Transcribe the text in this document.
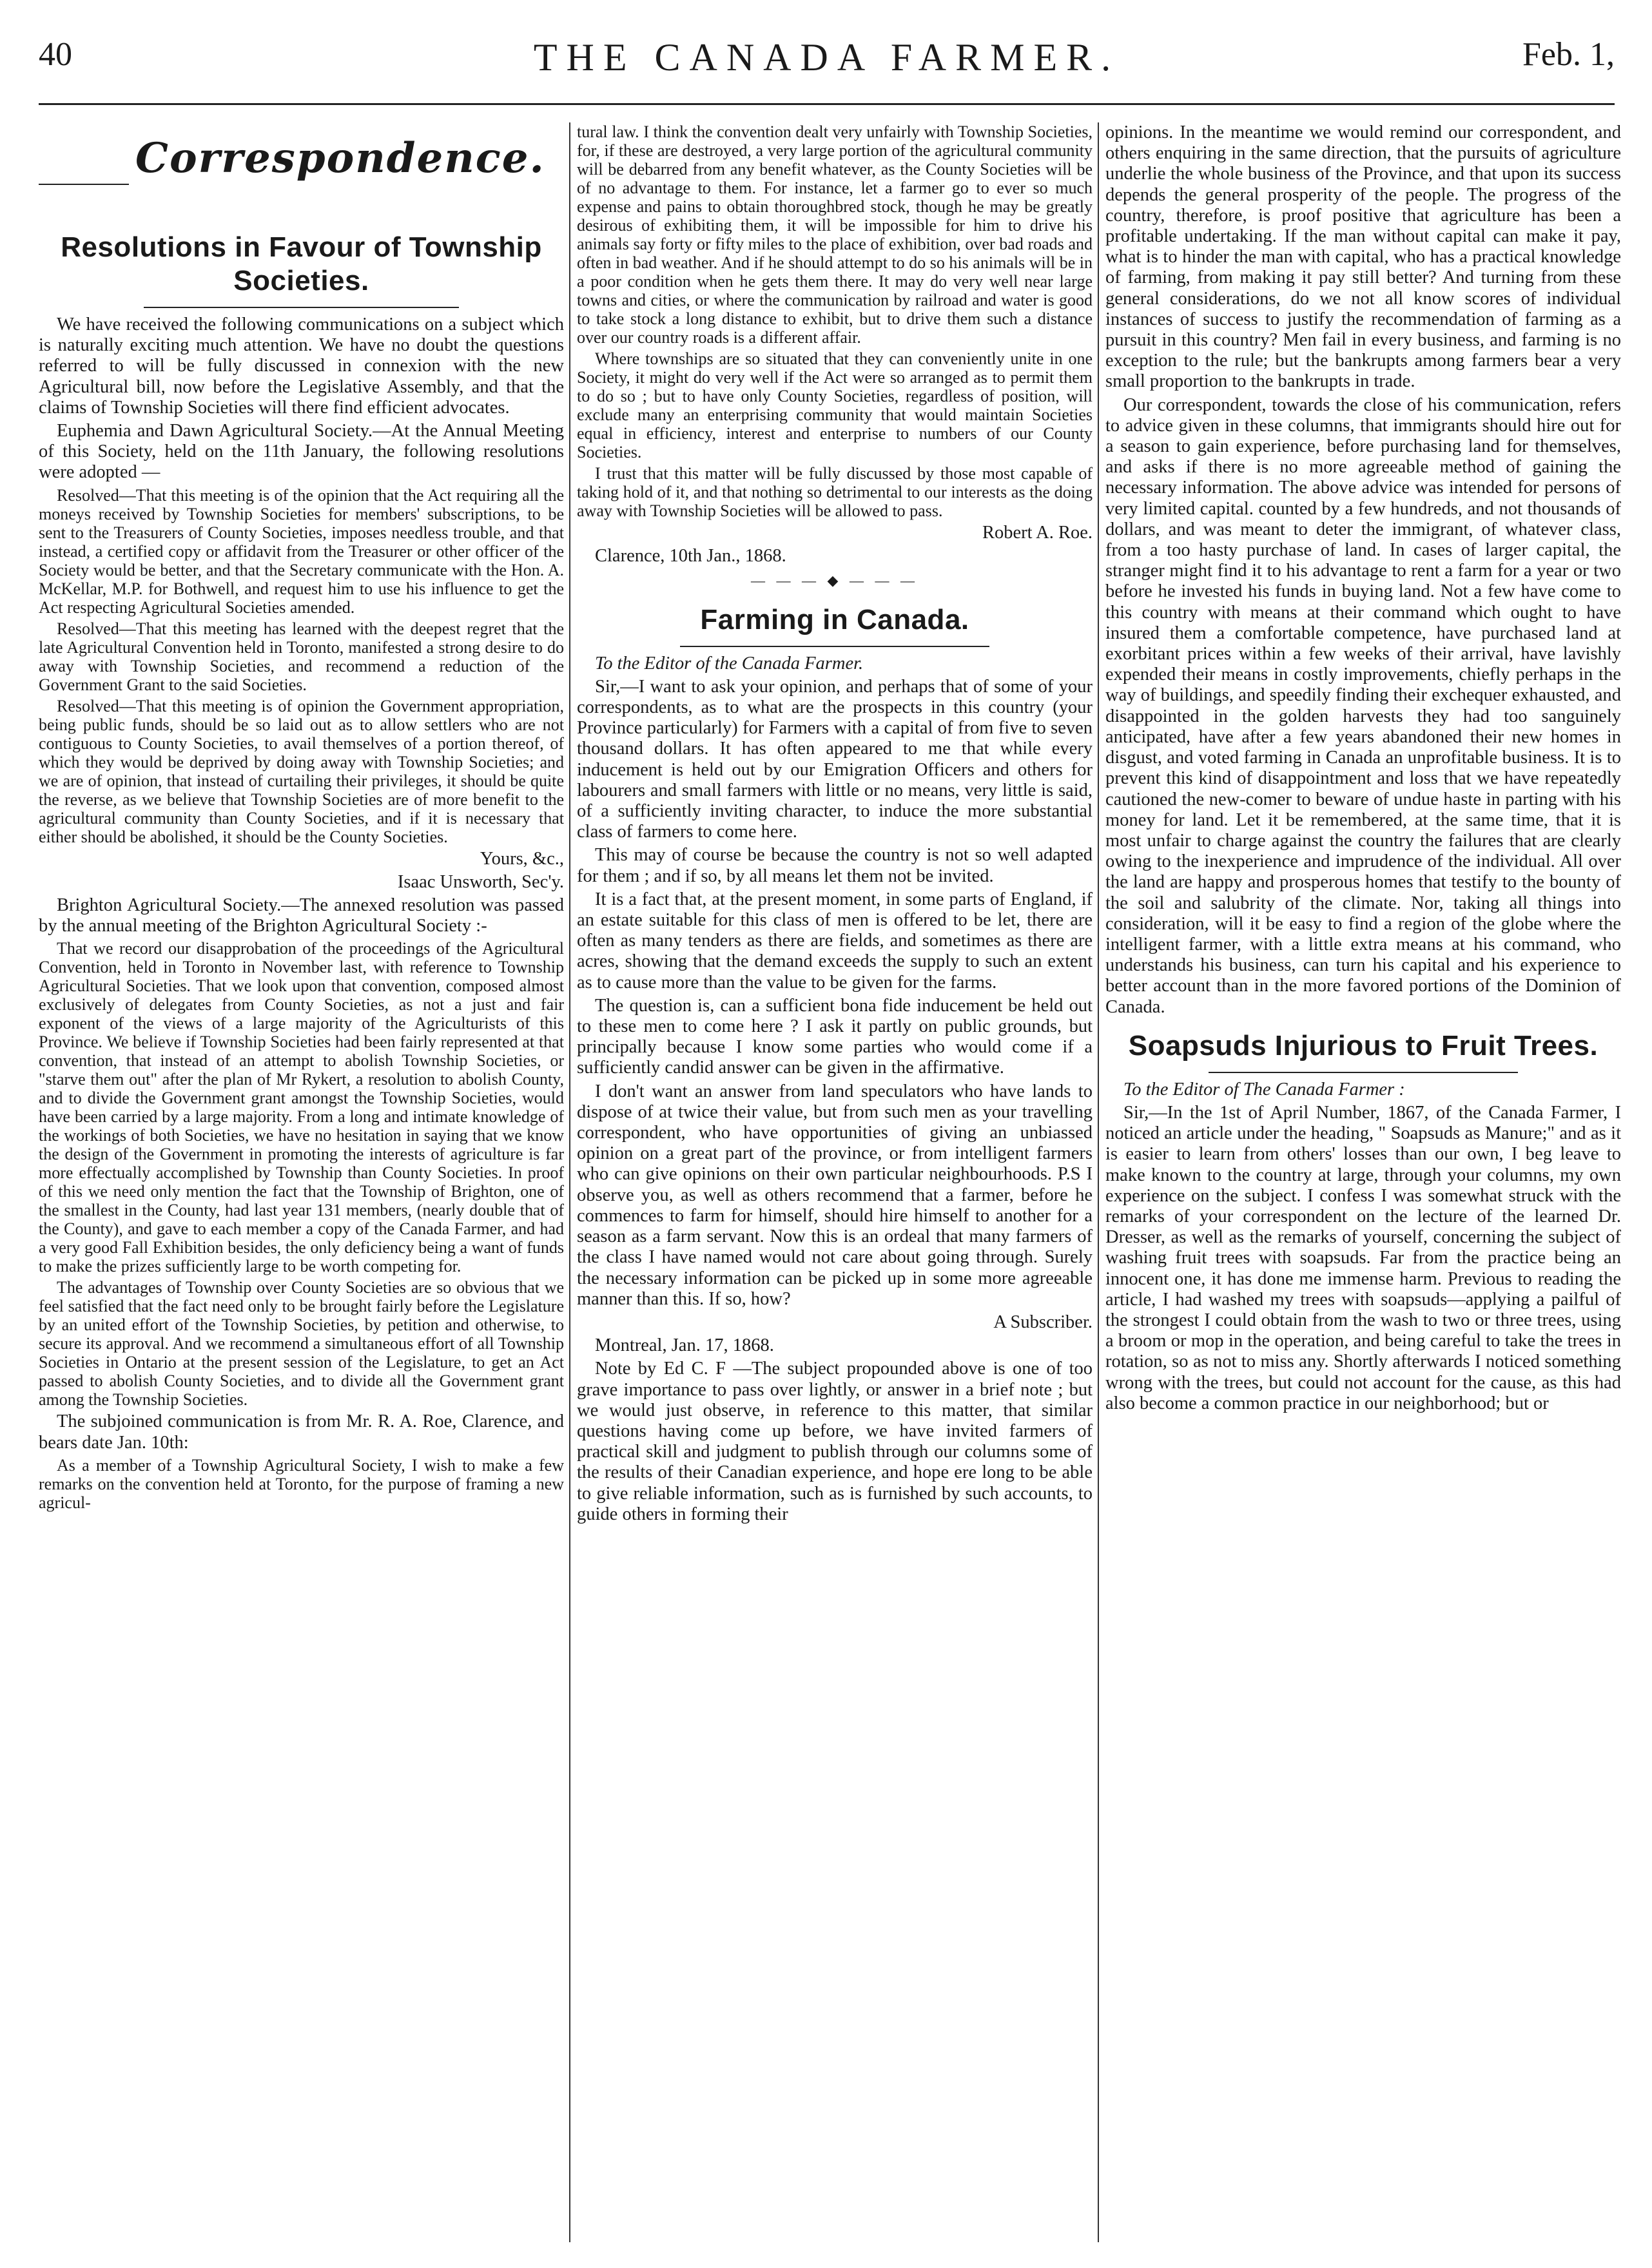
40	THE CANADA FARMER.	Feb. 1,
Correspondence.
Resolutions in Favour of Township Societies.

We have received the following communications on a subject which is naturally exciting much attention. We have no doubt the questions referred to will be fully discussed in connexion with the new Agricultural bill, now before the Legislative Assembly, and that the claims of Township Societies will there find efficient advocates.

Euphemia and Dawn Agricultural Society.—At the Annual Meeting of this Society, held on the 11th January, the following resolutions were adopted —

Resolved—That this meeting is of the opinion that the Act requiring all the moneys received by Township Societies for members' subscriptions, to be sent to the Treasurers of County Societies, imposes needless trouble, and that instead, a certified copy or affidavit from the Treasurer or other officer of the Society would be better, and that the Secretary communicate with the Hon. A. McKellar, M.P. for Bothwell, and request him to use his influence to get the Act respecting Agricultural Societies amended.

Resolved—That this meeting has learned with the deepest regret that the late Agricultural Convention held in Toronto, manifested a strong desire to do away with Township Societies, and recommend a reduction of the Government Grant to the said Societies.

Resolved—That this meeting is of opinion the Government appropriation, being public funds, should be so laid out as to allow settlers who are not contiguous to County Societies, to avail themselves of a portion thereof, of which they would be deprived by doing away with Township Societies; and we are of opinion, that instead of curtailing their privileges, it should be quite the reverse, as we believe that Township Societies are of more benefit to the agricultural community than County Societies, and if it is necessary that either should be abolished, it should be the County Societies.

Yours, &c.,

Isaac Unsworth, Sec'y.

Brighton Agricultural Society.—The annexed resolution was passed by the annual meeting of the Brighton Agricultural Society :-

That we record our disapprobation of the proceedings of the Agricultural Convention, held in Toronto in November last, with reference to Township Agricultural Societies. That we look upon that convention, composed almost exclusively of delegates from County Societies, as not a just and fair exponent of the views of a large majority of the Agriculturists of this Province. We believe if Township Societies had been fairly represented at that convention, that instead of an attempt to abolish Township Societies, or "starve them out" after the plan of Mr Rykert, a resolution to abolish County, and to divide the Government grant amongst the Township Societies, would have been carried by a large majority. From a long and intimate knowledge of the workings of both Societies, we have no hesitation in saying that we know the design of the Government in promoting the interests of agriculture is far more effectually accomplished by Township than County Societies. In proof of this we need only mention the fact that the Township of Brighton, one of the smallest in the County, had last year 131 members, (nearly double that of the County), and gave to each member a copy of the Canada Farmer, and had a very good Fall Exhibition besides, the only deficiency being a want of funds to make the prizes sufficiently large to be worth competing for.

The advantages of Township over County Societies are so obvious that we feel satisfied that the fact need only to be brought fairly before the Legislature by an united effort of the Township Societies, by petition and otherwise, to secure its approval. And we recommend a simultaneous effort of all Township Societies in Ontario at the present session of the Legislature, to get an Act passed to abolish County Societies, and to divide all the Government grant among the Township Societies.

The subjoined communication is from Mr. R. A. Roe, Clarence, and bears date Jan. 10th:

As a member of a Township Agricultural Society, I wish to make a few remarks on the convention held at Toronto, for the purpose of framing a new agricul-

tural law. I think the convention dealt very unfairly with Township Societies, for, if these are destroyed, a very large portion of the agricultural community will be debarred from any benefit whatever, as the County Societies will be of no advantage to them. For instance, let a farmer go to ever so much expense and pains to obtain thoroughbred stock, though he may be greatly desirous of exhibiting them, it will be impossible for him to drive his animals say forty or fifty miles to the place of exhibition, over bad roads and often in bad weather. And if he should attempt to do so his animals will be in a poor condition when he gets them there. It may do very well near large towns and cities, or where the communication by railroad and water is good to take stock a long distance to exhibit, but to drive them such a distance over our country roads is a different affair.

Where townships are so situated that they can conveniently unite in one Society, it might do very well if the Act were so arranged as to permit them to do so ; but to have only County Societies, regardless of position, will exclude many an enterprising community that would maintain Societies equal in efficiency, interest and enterprise to numbers of our County Societies.

I trust that this matter will be fully discussed by those most capable of taking hold of it, and that nothing so detrimental to our interests as the doing away with Township Societies will be allowed to pass.

Robert A. Roe.

Clarence, 10th Jan., 1868.

— — — ◆ — — —
Farming in Canada.

To the Editor of the Canada Farmer.

Sir,—I want to ask your opinion, and perhaps that of some of your correspondents, as to what are the prospects in this country (your Province particularly) for Farmers with a capital of from five to seven thousand dollars. It has often appeared to me that while every inducement is held out by our Emigration Officers and others for labourers and small farmers with little or no means, very little is said, of a sufficiently inviting character, to induce the more substantial class of farmers to come here.

This may of course be because the country is not so well adapted for them ; and if so, by all means let them not be invited.

It is a fact that, at the present moment, in some parts of England, if an estate suitable for this class of men is offered to be let, there are often as many tenders as there are fields, and sometimes as there are acres, showing that the demand exceeds the supply to such an extent as to cause more than the value to be given for the farms.

The question is, can a sufficient bona fide inducement be held out to these men to come here ? I ask it partly on public grounds, but principally because I know some parties who would come if a sufficiently candid answer can be given in the affirmative.

I don't want an answer from land speculators who have lands to dispose of at twice their value, but from such men as your travelling correspondent, who have opportunities of giving an unbiassed opinion on a great part of the province, or from intelligent farmers who can give opinions on their own particular neighbourhoods. P.S I observe you, as well as others recommend that a farmer, before he commences to farm for himself, should hire himself to another for a season as a farm servant. Now this is an ordeal that many farmers of the class I have named would not care about going through. Surely the necessary information can be picked up in some more agreeable manner than this. If so, how?

A Subscriber.

Montreal, Jan. 17, 1868.

Note by Ed C. F —The subject propounded above is one of too grave importance to pass over lightly, or answer in a brief note ; but we would just observe, in reference to this matter, that similar questions having come up before, we have invited farmers of practical skill and judgment to publish through our columns some of the results of their Canadian experience, and hope ere long to be able to give reliable information, such as is furnished by such accounts, to guide others in forming their

opinions. In the meantime we would remind our correspondent, and others enquiring in the same direction, that the pursuits of agriculture underlie the whole business of the Province, and that upon its success depends the general prosperity of the people. The progress of the country, therefore, is proof positive that agriculture has been a profitable undertaking. If the man without capital can make it pay, what is to hinder the man with capital, who has a practical knowledge of farming, from making it pay still better? And turning from these general considerations, do we not all know scores of individual instances of success to justify the recommendation of farming as a pursuit in this country? Men fail in every business, and farming is no exception to the rule; but the bankrupts among farmers bear a very small proportion to the bankrupts in trade.

Our correspondent, towards the close of his communication, refers to advice given in these columns, that immigrants should hire out for a season to gain experience, before purchasing land for themselves, and asks if there is no more agreeable method of gaining the necessary information. The above advice was intended for persons of very limited capital. counted by a few hundreds, and not thousands of dollars, and was meant to deter the immigrant, of whatever class, from a too hasty purchase of land. In cases of larger capital, the stranger might find it to his advantage to rent a farm for a year or two before he invested his funds in buying land. Not a few have come to this country with means at their command which ought to have insured them a comfortable competence, have purchased land at exorbitant prices within a few weeks of their arrival, have lavishly expended their means in costly improvements, chiefly perhaps in the way of buildings, and speedily finding their exchequer exhausted, and disappointed in the golden harvests they had too sanguinely anticipated, have after a few years abandoned their new homes in disgust, and voted farming in Canada an unprofitable business. It is to prevent this kind of disappointment and loss that we have repeatedly cautioned the new-comer to beware of undue haste in parting with his money for land. Let it be remembered, at the same time, that it is most unfair to charge against the country the failures that are clearly owing to the inexperience and imprudence of the individual. All over the land are happy and prosperous homes that testify to the bounty of the soil and salubrity of the climate. Nor, taking all things into consideration, will it be easy to find a region of the globe where the intelligent farmer, with a little extra means at his command, who understands his business, can turn his capital and his experience to better account than in the more favored portions of the Dominion of Canada.

Soapsuds Injurious to Fruit Trees.

To the Editor of The Canada Farmer :

Sir,—In the 1st of April Number, 1867, of the Canada Farmer, I noticed an article under the heading, " Soapsuds as Manure;" and as it is easier to learn from others' losses than our own, I beg leave to make known to the country at large, through your columns, my own experience on the subject. I confess I was somewhat struck with the remarks of your correspondent on the lecture of the learned Dr. Dresser, as well as the remarks of yourself, concerning the subject of washing fruit trees with soapsuds. Far from the practice being an innocent one, it has done me immense harm. Previous to reading the article, I had washed my trees with soapsuds—applying a pailful of the strongest I could obtain from the wash to two or three trees, using a broom or mop in the operation, and being careful to take the trees in rotation, so as not to miss any. Shortly afterwards I noticed something wrong with the trees, but could not account for the cause, as this had also become a common practice in our neighborhood; but or
